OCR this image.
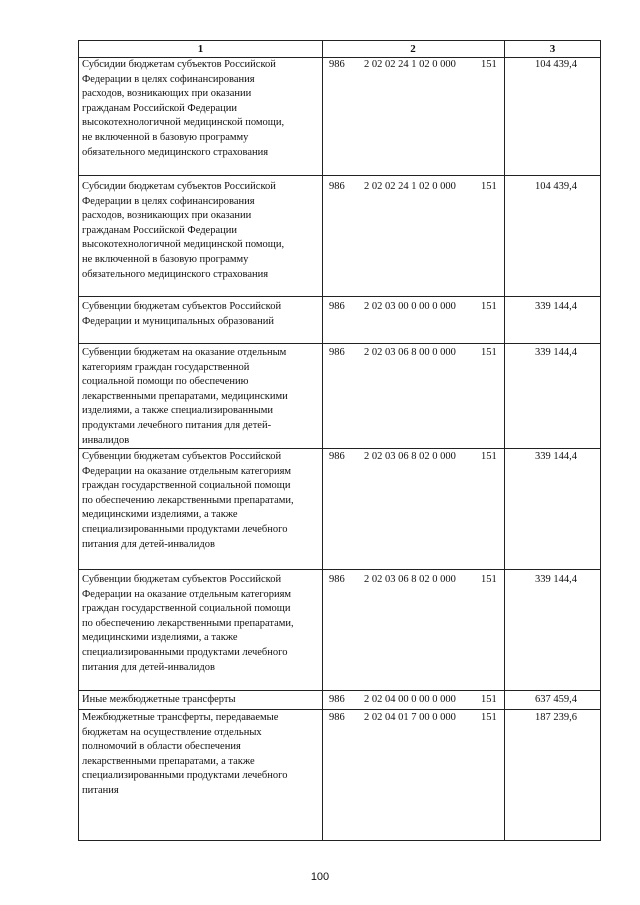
1	2	3
Субсидии бюджетам субъектов Российской
Федерации в целях софинансирования
расходов, возникающих при оказании
гражданам Российской Федерации
высокотехнологичной медицинской помощи,
не включенной в базовую программу
обязательного медицинского страхования
986 2 02 02 24 1 02 0 000 151	104 439,4
Субсидии бюджетам субъектов Российской
Федерации в целях софинансирования
расходов, возникающих при оказании
гражданам Российской Федерации
высокотехнологичной медицинской помощи,
не включенной в базовую программу
обязательного медицинского страхования
986 2 02 02 24 1 02 0 000 151	104 439,4
Субвенции бюджетам субъектов Российской
Федерации и муниципальных образований
986 2 02 03 00 0 00 0 000 151	339 144,4
Субвенции бюджетам на оказание отдельным
категориям граждан государственной
социальной помощи по обеспечению
лекарственными препаратами, медицинскими
изделиями, а также специализированными
продуктами лечебного питания для детей-
инвалидов
986 2 02 03 06 8 00 0 000 151	339 144,4
Субвенции бюджетам субъектов Российской
Федерации на оказание отдельным категориям
граждан государственной социальной помощи
по обеспечению лекарственными препаратами,
медицинскими изделиями, а также
специализированными продуктами лечебного
питания для детей-инвалидов
986 2 02 03 06 8 02 0 000 151	339 144,4
Субвенции бюджетам субъектов Российской
Федерации на оказание отдельным категориям
граждан государственной социальной помощи
по обеспечению лекарственными препаратами,
медицинскими изделиями, а также
специализированными продуктами лечебного
питания для детей-инвалидов
986 2 02 03 06 8 02 0 000 151	339 144,4
Иные межбюджетные трансферты	986 2 02 04 00 0 00 0 000 151	637 459,4
Межбюджетные трансферты, передаваемые
бюджетам на осуществление отдельных
полномочий в области обеспечения
лекарственными препаратами, а также
специализированными продуктами лечебного
питания
986 2 02 04 01 7 00 0 000 151	187 239,6
100
